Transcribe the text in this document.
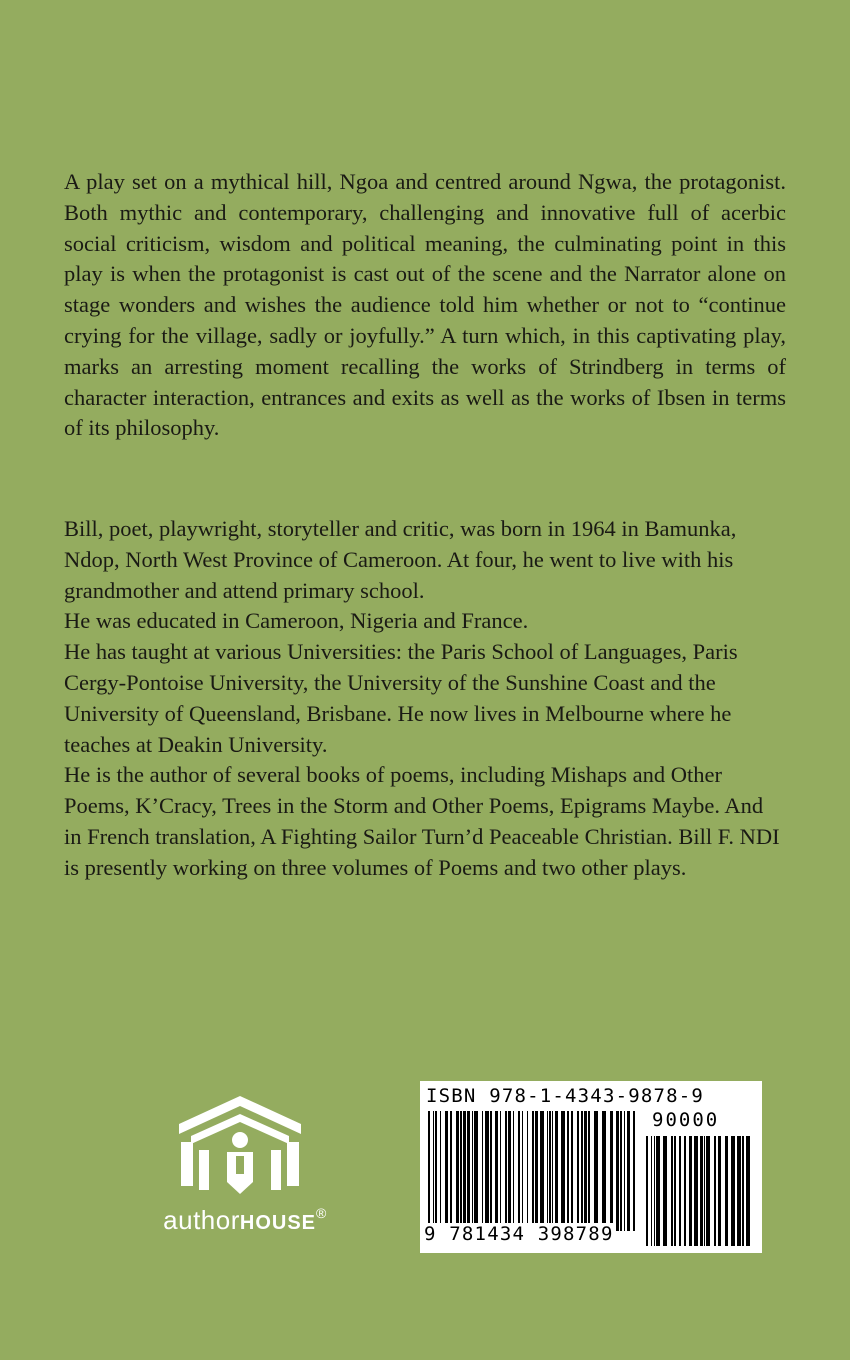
A play set on a mythical hill, Ngoa and centred around Ngwa, the protagonist. Both mythic and contemporary, challenging and innovative full of acerbic social criticism, wisdom and political meaning, the culminating point in this play is when the protagonist is cast out of the scene and the Narrator alone on stage wonders and wishes the audience told him whether or not to “continue crying for the village, sadly or joyfully.” A turn which, in this captivating play, marks an arresting moment recalling the works of Strindberg in terms of character interaction, entrances and exits as well as the works of Ibsen in terms of its philosophy.

Bill, poet, playwright, storyteller and critic, was born in 1964 in Bamunka, Ndop, North West Province of Cameroon. At four, he went to live with his grandmother and attend primary school.

He was educated in Cameroon, Nigeria and France.

He has taught at various Universities: the Paris School of Languages, Paris Cergy-Pontoise University, the University of the Sunshine Coast and the University of Queensland, Brisbane. He now lives in Melbourne where he teaches at Deakin University.

He is the author of several books of poems, including Mishaps and Other Poems, K’Cracy, Trees in the Storm and Other Poems, Epigrams Maybe. And in French translation, A Fighting Sailor Turn’d Peaceable Christian. Bill F. NDI is presently working on three volumes of Poems and two other plays.

authorHOUSE®
ISBN 978-1-4343-9878-9
90000
9 781434 398789
